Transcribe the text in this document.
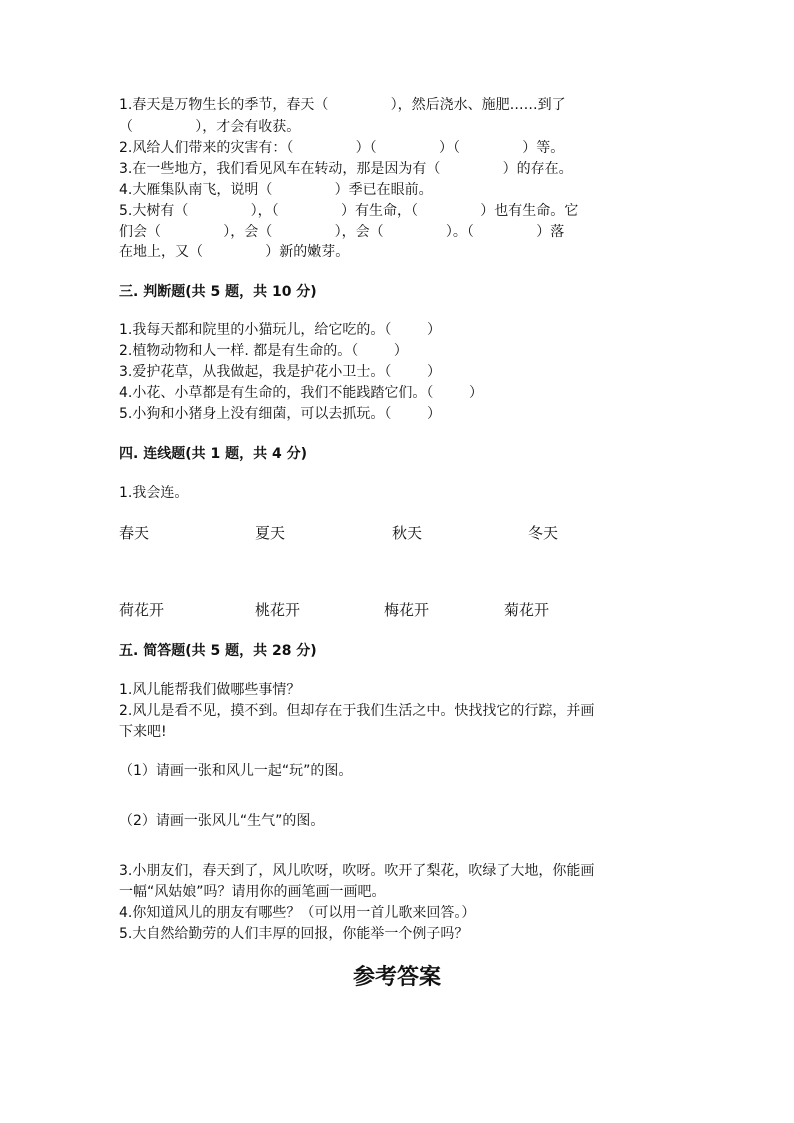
1.春天是万物生长的季节，春天（              ），然后浇水、施肥……到了
（              ），才会有收获。
2.风给人们带来的灾害有：（              ）（              ）（              ）等。
3.在一些地方，我们看见风车在转动，那是因为有（              ）的存在。
4.大雁集队南飞，说明（              ）季已在眼前。
5.大树有（              ），（              ）有生命，（              ）也有生命。它
们会（              ），会（              ），会（              ）。（              ）落
在地上，又（              ）新的嫩芽。
三. 判断题(共 5 题，共 10 分)
1.我每天都和院里的小猫玩儿，给它吃的。（        ）
2.植物动物和人一样. 都是有生命的。（        ）
3.爱护花草，从我做起，我是护花小卫士。（        ）
4.小花、小草都是有生命的，我们不能践踏它们。（        ）
5.小狗和小猪身上没有细菌，可以去抓玩。（        ）
四. 连线题(共 1 题，共 4 分)
1.我会连。
春天	夏天	秋天	冬天
荷花开	桃花开	梅花开	菊花开
五. 简答题(共 5 题，共 28 分)
1.风儿能帮我们做哪些事情？
2.风儿是看不见，摸不到。但却存在于我们生活之中。快找找它的行踪，并画
下来吧!
（1）请画一张和风儿一起“玩”的图。
（2）请画一张风儿“生气”的图。
3.小朋友们，春天到了，风儿吹呀，吹呀。吹开了梨花，吹绿了大地，你能画
一幅“风姑娘”吗？请用你的画笔画一画吧。
4.你知道风儿的朋友有哪些？（可以用一首儿歌来回答。）
5.大自然给勤劳的人们丰厚的回报，你能举一个例子吗？
参考答案
